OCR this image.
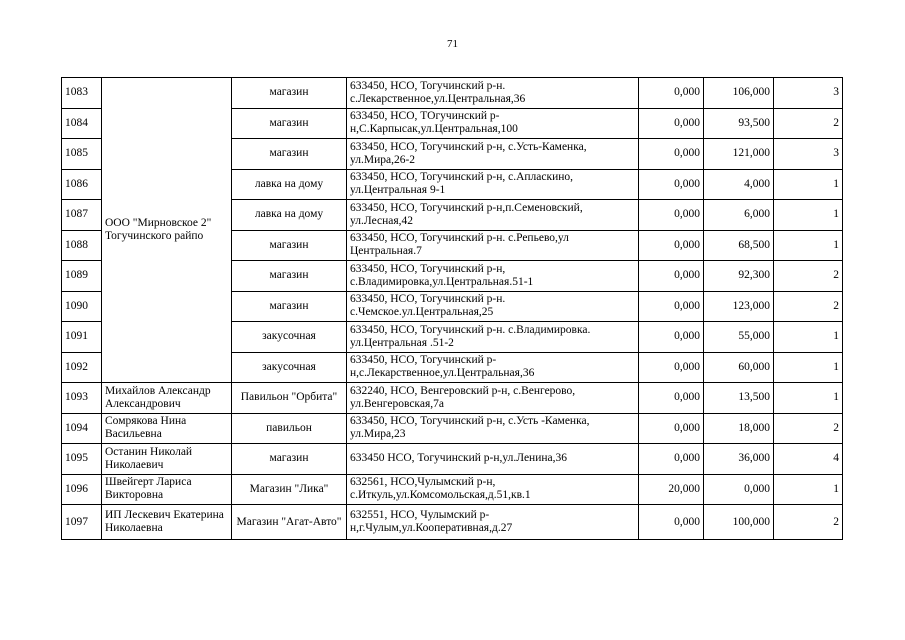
71
1083	ООО "Мирновское 2" Тогучинского райпо	магазин	633450, НСО, Тогучинский р-н. с.Лекарственное,ул.Центральная,36	0,000	106,000	3
1084		магазин	633450, НСО, ТОгучинский р-н,С.Карпысак,ул.Центральная,100	0,000	93,500	2
1085		магазин	633450, НСО, Тогучинский р-н, с.Усть-Каменка, ул.Мира,26-2	0,000	121,000	3
1086		лавка на дому	633450, НСО, Тогучинский р-н, с.Апласкино, ул.Центральная 9-1	0,000	4,000	1
1087		лавка на дому	633450, НСО, Тогучинский р-н,п.Семеновский, ул.Лесная,42	0,000	6,000	1
1088		магазин	633450, НСО, Тогучинский р-н. с.Репьево,ул Центральная.7	0,000	68,500	1
1089		магазин	633450, НСО, Тогучинский р-н, с.Владимировка,ул.Центральная.51-1	0,000	92,300	2
1090		магазин	633450, НСО, Тогучинский р-н. с.Чемское.ул.Центральная,25	0,000	123,000	2
1091		закусочная	633450, НСО, Тогучинский р-н. с.Владимировка. ул.Центральная .51-2	0,000	55,000	1
1092		закусочная	633450, НСО, Тогучинский р-н,с.Лекарственное,ул.Центральная,36	0,000	60,000	1
1093	Михайлов Александр Александрович	Павильон "Орбита"	632240, НСО, Венгеровский р-н, с.Венгерово, ул.Венгеровская,7а	0,000	13,500	1
1094	Сомрякова Нина Васильевна	павильон	633450, НСО, Тогучинский р-н, с.Усть -Каменка, ул.Мира,23	0,000	18,000	2
1095	Останин Николай Николаевич	магазин	633450 НСО, Тогучинский р-н,ул.Ленина,36	0,000	36,000	4
1096	Швейгерт Лариса Викторовна	Магазин "Лика"	632561, НСО,Чулымский р-н, с.Иткуль,ул.Комсомольская,д.51,кв.1	20,000	0,000	1
1097	ИП Лескевич Екатерина Николаевна	Магазин "Агат-Авто"	632551, НСО, Чулымский р-н,г.Чулым,ул.Кооперативная,д.27	0,000	100,000	2
